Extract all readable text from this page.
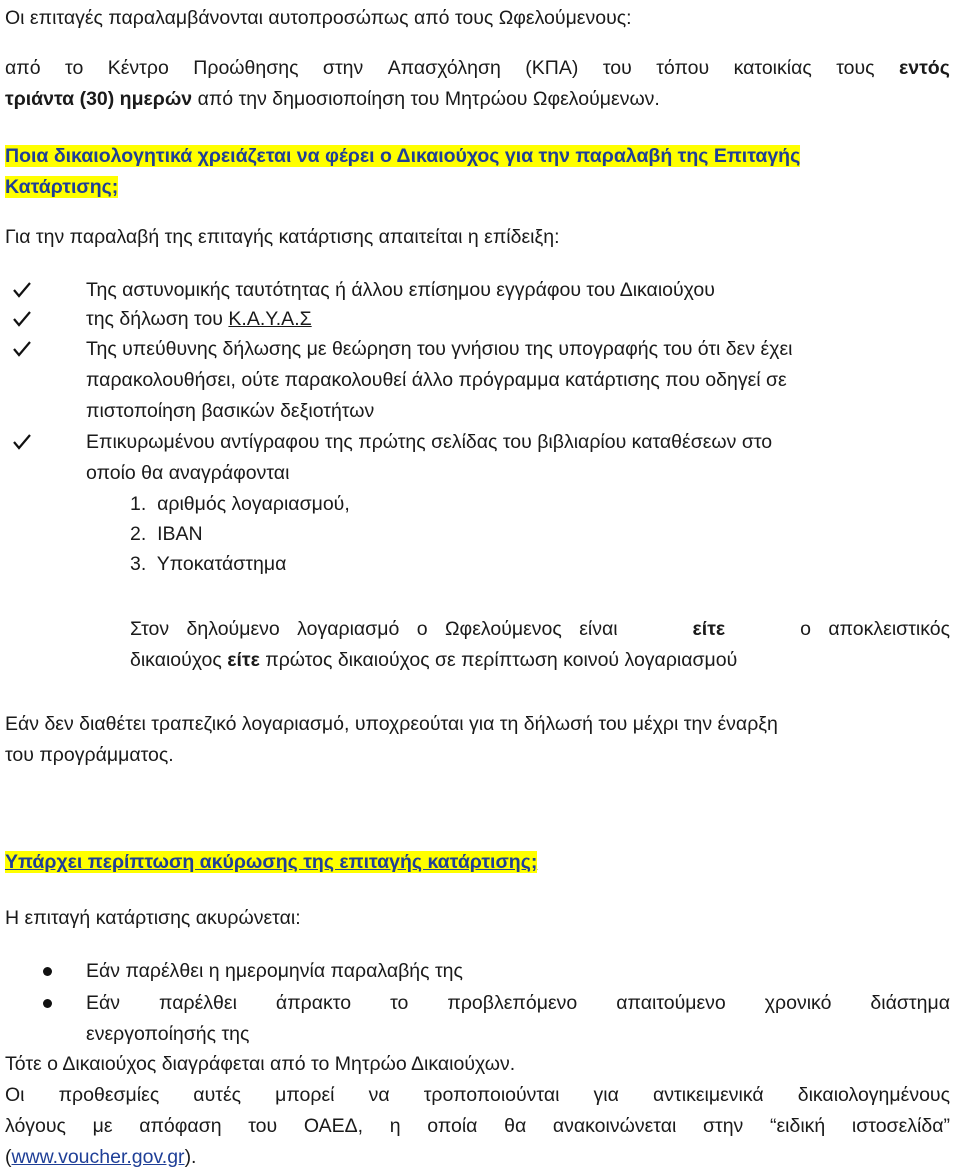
Οι επιταγές παραλαμβάνονται αυτοπροσώπως από τους Ωφελούμενους:
από το Κέντρο Προώθησης στην Απασχόληση (ΚΠΑ) του τόπου κατοικίας τους εντός
τριάντα (30) ημερών από την δημοσιοποίηση του Μητρώου Ωφελούμενων.
Ποια δικαιολογητικά χρειάζεται να φέρει ο Δικαιούχος για την παραλαβή της Επιταγής
Κατάρτισης;
Για την παραλαβή της επιταγής κατάρτισης απαιτείται η επίδειξη:
Της αστυνομικής ταυτότητας ή άλλου επίσημου εγγράφου του Δικαιούχου
της δήλωση του Κ.Α.Υ.Α.Σ
Της υπεύθυνης δήλωσης με θεώρηση του γνήσιου της υπογραφής του ότι δεν έχει
παρακολουθήσει, ούτε παρακολουθεί άλλο πρόγραμμα κατάρτισης που οδηγεί σε
πιστοποίηση βασικών δεξιοτήτων
Επικυρωμένου αντίγραφου της πρώτης σελίδας του βιβλιαρίου καταθέσεων στο
οποίο θα αναγράφονται
1. αριθμός λογαριασμού,
2. IBAN
3. Υποκατάστημα
Στον δηλούμενο λογαριασμό ο Ωφελούμενος είναι	είτε	ο αποκλειστικός
δικαιούχος είτε πρώτος δικαιούχος σε περίπτωση κοινού λογαριασμού
Εάν δεν διαθέτει τραπεζικό λογαριασμό, υποχρεούται για τη δήλωσή του μέχρι την έναρξη
του προγράμματος.
Υπάρχει περίπτωση ακύρωσης της επιταγής κατάρτισης;
Η επιταγή κατάρτισης ακυρώνεται:
Εάν παρέλθει η ημερομηνία παραλαβής της
Εάν παρέλθει άπρακτο το προβλεπόμενο απαιτούμενο χρονικό διάστημα
ενεργοποίησής της
Τότε ο Δικαιούχος διαγράφεται από το Μητρώο Δικαιούχων.
Οι προθεσμίες αυτές μπορεί να τροποποιούνται για αντικειμενικά δικαιολογημένους
λόγους με απόφαση του ΟΑΕΔ, η οποία θα ανακοινώνεται στην “ειδική ιστοσελίδα”
(www.voucher.gov.gr).
